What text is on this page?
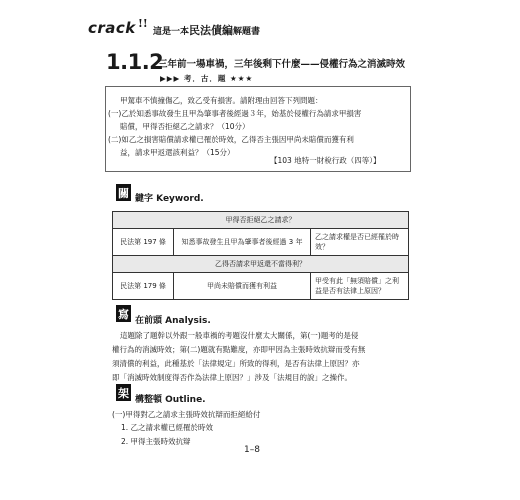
crack !!
這是一本民法債編解題書
1.1.2
三年前一場車禍，三年後剩下什麼——侵權行為之消滅時效
▶▶▶ 考．古．題 ★★★
甲駕車不慎撞傷乙，致乙受有損害。請附理由回答下列問題：
(一)乙於知悉事故發生且甲為肇事者後經過３年，始基於侵權行為請求甲損害
賠償，甲得否拒絕乙之請求？（10分）
(二)如乙之損害賠償請求權已罹於時效，乙得否主張因甲尚未賠償而獲有利
益，請求甲返還該利益？（15分）
【103 地特一財稅行政（四等）】
關 鍵字 Keyword.
甲得否拒絕乙之請求？		
民法第 197 條	知悉事故發生且甲為肇事者後經過 3 年	乙之請求權是否已經罹於時效？
乙得否請求甲返還不當得利？		
民法第 179 條	甲尚未賠償而獲有利益	甲受有此「無須賠償」之利益是否有法律上原因？
寫
在前頭 Analysis.
這題除了題幹以外跟一般車禍的考題沒什麼太大關係，第(一)題考的是侵
權行為的消滅時效；第(二)題就有點難度，亦即甲因為主張時效抗辯而受有無
須清償的利益，此種基於「法律規定」所致的得利，是否有法律上原因？亦
即「消滅時效制度得否作為法律上原因？」涉及「法規目的說」之操作。
架
構整頓 Outline.
(一)甲得對乙之請求主張時效抗辯而拒絕給付
1. 乙之請求權已經罹於時效
2. 甲得主張時效抗辯
1–8
